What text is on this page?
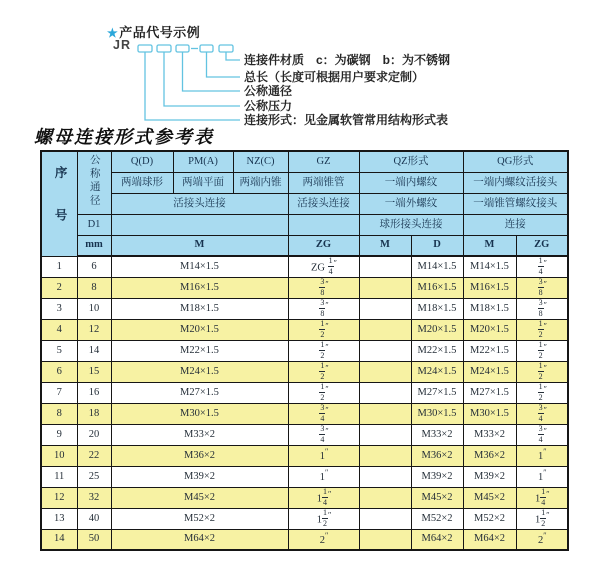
★产品代号示例
JR
连接件材质　c：为碳钢　b：为不锈钢
总长（长度可根据用户要求定制）
公称通径
公称压力
连接形式：见金属软管常用结构形式表
螺母连接形式参考表
序号	公称通径	Q(D)	PM(A)	NZ(C)	GZ	QZ形式		QG形式	
		两端球形	两端平面	两端内锥	两端锥管	一端内螺纹		一端内螺纹活接头	
		活接头连接			活接头连接	一端外螺纹		一端锥管螺纹接头	
	D1					球形接头连接		连接	
	mm	M			ZG	M	D	M	ZG
1	6	M14×1.5			ZG $\frac{1}{4} ''$		M14×1.5	M14×1.5	$\frac{1}{4} ''$
2	8	M16×1.5			$\frac{3}{8} ''$		M16×1.5	M16×1.5	$\frac{3}{8} ''$
3	10	M18×1.5			$\frac{3}{8} ''$		M18×1.5	M18×1.5	$\frac{3}{8} ''$
4	12	M20×1.5			$\frac{1}{2} ''$		M20×1.5	M20×1.5	$\frac{1}{2} ''$
5	14	M22×1.5			$\frac{1}{2} ''$		M22×1.5	M22×1.5	$\frac{1}{2} ''$
6	15	M24×1.5			$\frac{1}{2} ''$		M24×1.5	M24×1.5	$\frac{1}{2} ''$
7	16	M27×1.5			$\frac{1}{2} ''$		M27×1.5	M27×1.5	$\frac{1}{2} ''$
8	18	M30×1.5			$\frac{3}{4} ''$		M30×1.5	M30×1.5	$\frac{3}{4} ''$
9	20	M33×2			$\frac{3}{4} ''$		M33×2	M33×2	$\frac{3}{4} ''$
10	22	M36×2			1″		M36×2	M36×2	1″
11	25	M39×2			1″		M39×2	M39×2	1″
12	32	M45×2			$1 \frac{1}{4} ''$		M45×2	M45×2	$1 \frac{1}{4} ''$
13	40	M52×2			$1 \frac{1}{2} ''$		M52×2	M52×2	$1 \frac{1}{2} ''$
14	50	M64×2			2″		M64×2	M64×2	2″
